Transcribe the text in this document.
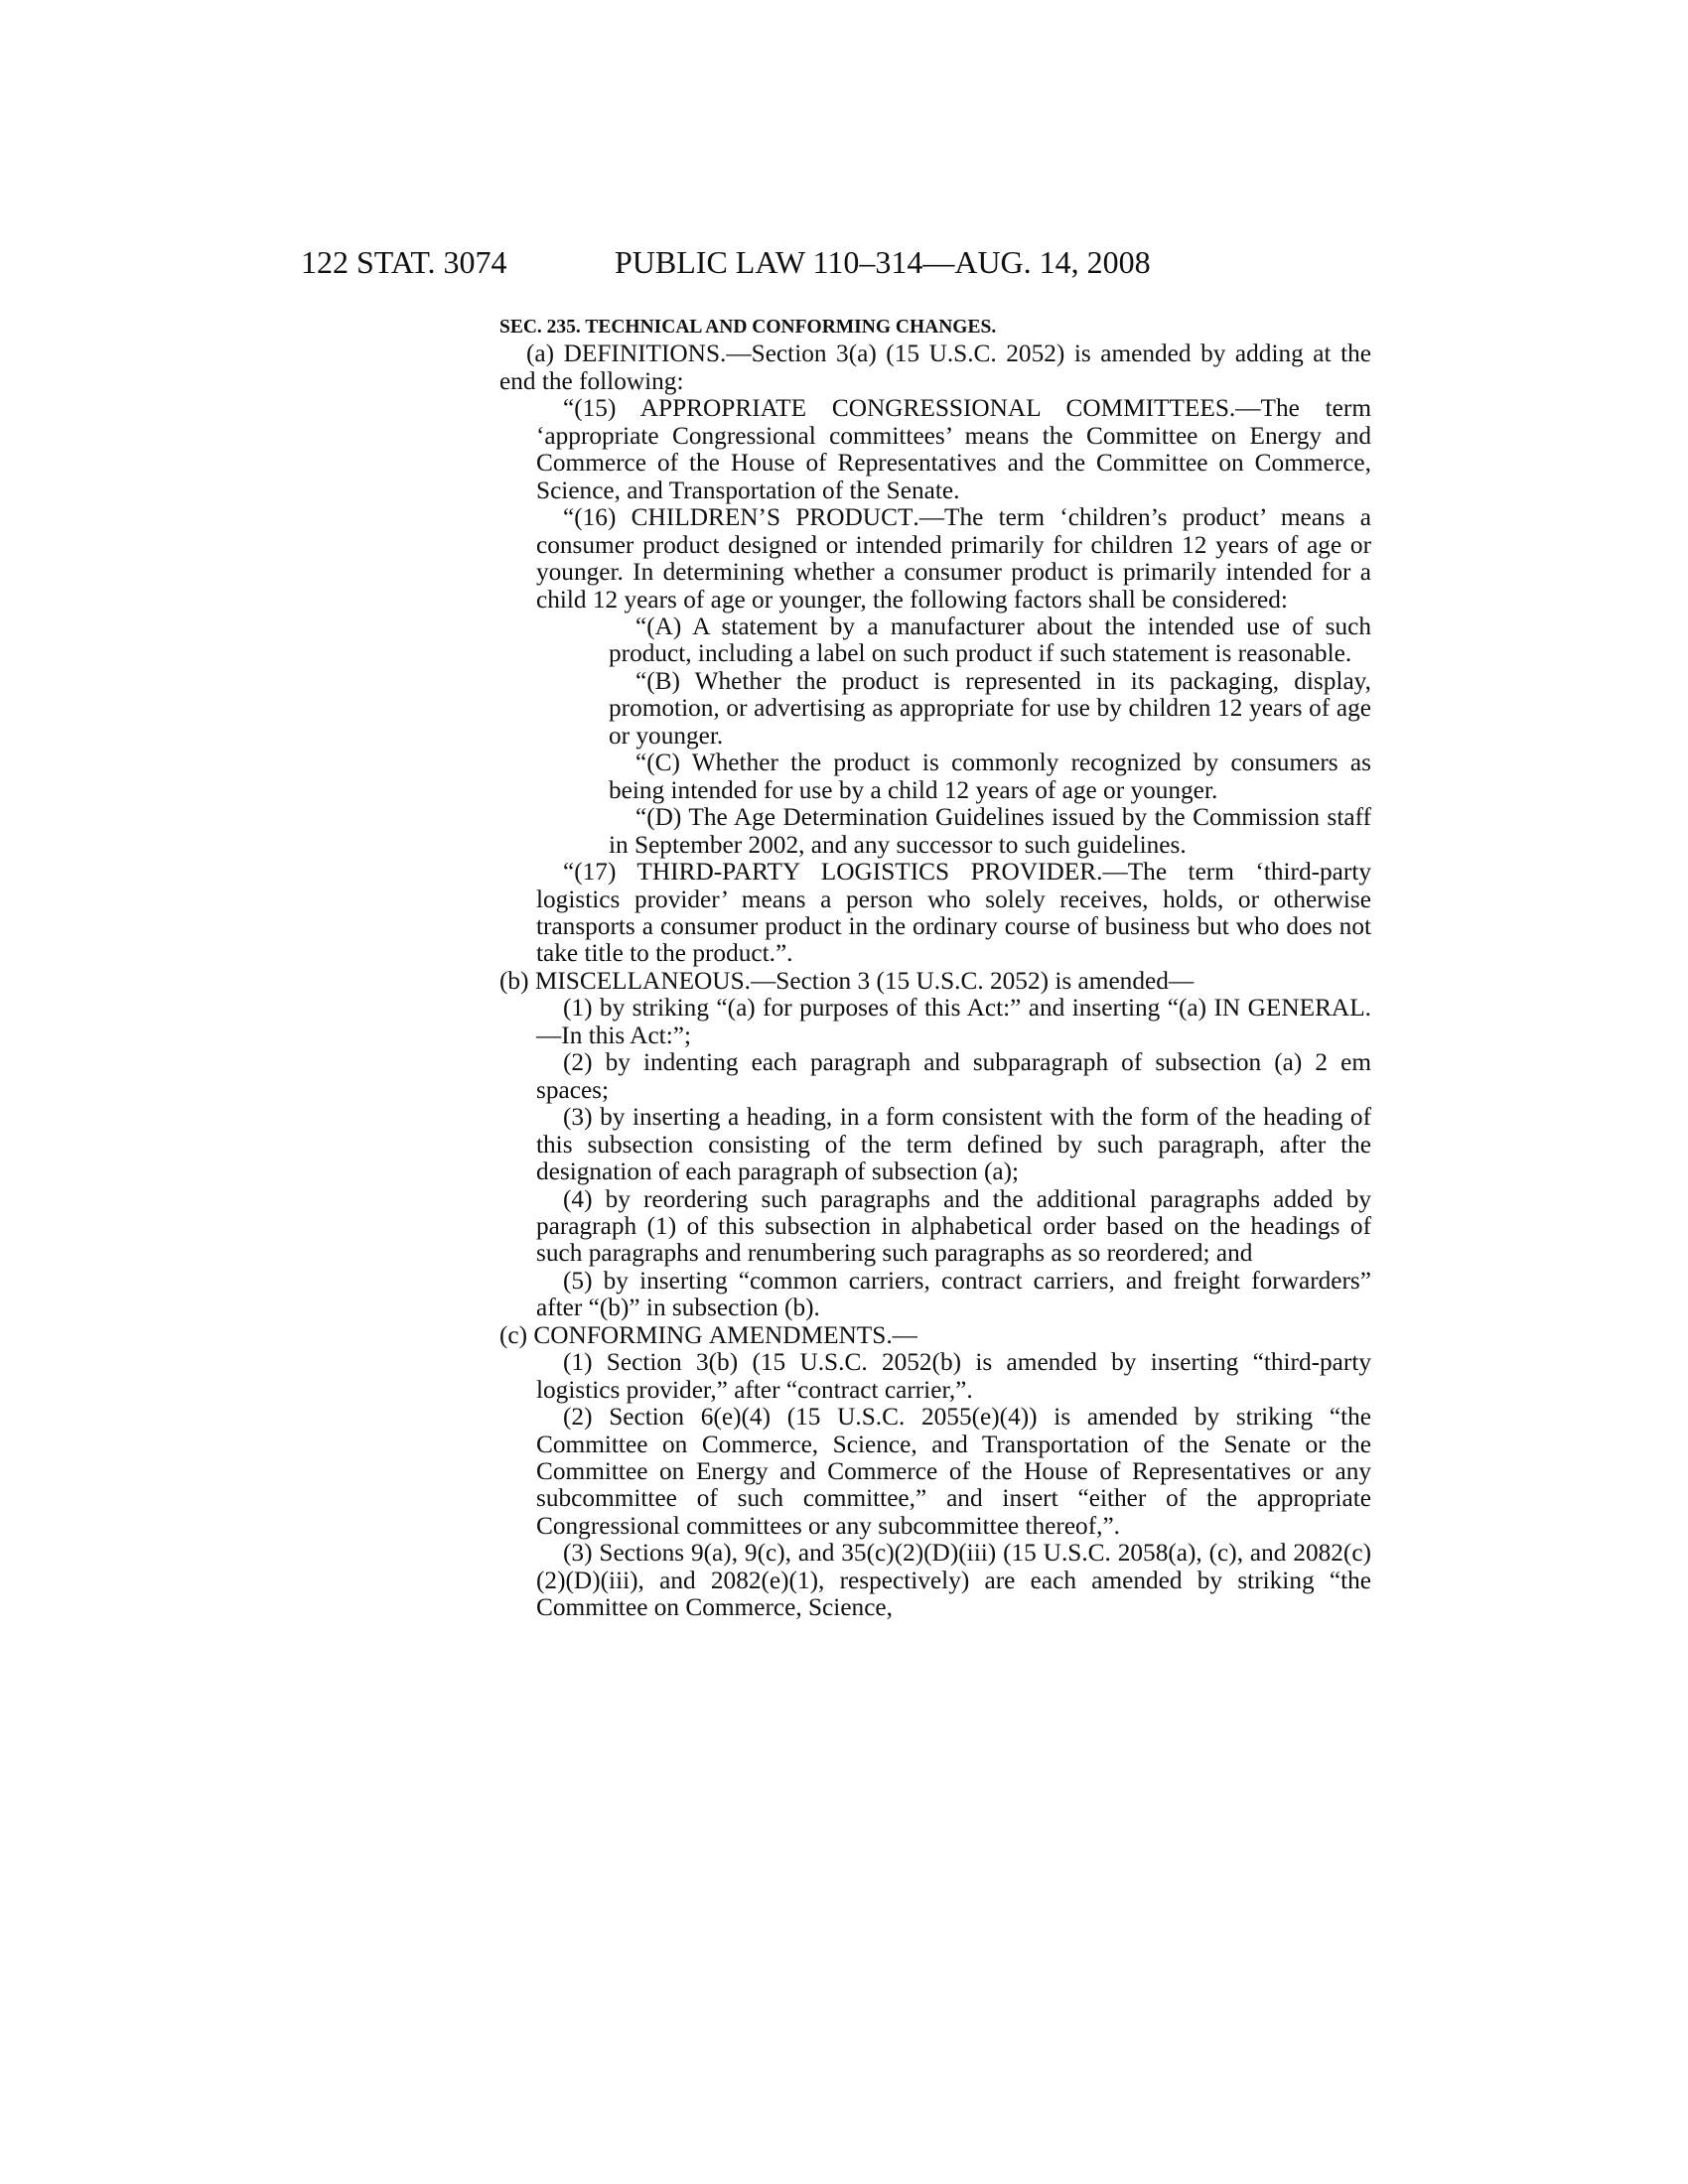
122 STAT. 3074	PUBLIC LAW 110–314—AUG. 14, 2008
SEC. 235. TECHNICAL AND CONFORMING CHANGES.
(a) DEFINITIONS.—Section 3(a) (15 U.S.C. 2052) is amended by adding at the end the following:
“(15) APPROPRIATE CONGRESSIONAL COMMITTEES.—The term ‘appropriate Congressional committees’ means the Committee on Energy and Commerce of the House of Representatives and the Committee on Commerce, Science, and Transportation of the Senate.
“(16) CHILDREN’S PRODUCT.—The term ‘children’s product’ means a consumer product designed or intended primarily for children 12 years of age or younger. In determining whether a consumer product is primarily intended for a child 12 years of age or younger, the following factors shall be considered:
“(A) A statement by a manufacturer about the intended use of such product, including a label on such product if such statement is reasonable.
“(B) Whether the product is represented in its packaging, display, promotion, or advertising as appropriate for use by children 12 years of age or younger.
“(C) Whether the product is commonly recognized by consumers as being intended for use by a child 12 years of age or younger.
“(D) The Age Determination Guidelines issued by the Commission staff in September 2002, and any successor to such guidelines.
“(17) THIRD-PARTY LOGISTICS PROVIDER.—The term ‘third-party logistics provider’ means a person who solely receives, holds, or otherwise transports a consumer product in the ordinary course of business but who does not take title to the product.”.
(b) MISCELLANEOUS.—Section 3 (15 U.S.C. 2052) is amended—
(1) by striking “(a) for purposes of this Act:” and inserting “(a) IN GENERAL.—In this Act:”;
(2) by indenting each paragraph and subparagraph of subsection (a) 2 em spaces;
(3) by inserting a heading, in a form consistent with the form of the heading of this subsection consisting of the term defined by such paragraph, after the designation of each paragraph of subsection (a);
(4) by reordering such paragraphs and the additional paragraphs added by paragraph (1) of this subsection in alphabetical order based on the headings of such paragraphs and renumbering such paragraphs as so reordered; and
(5) by inserting “common carriers, contract carriers, and freight forwarders” after “(b)” in subsection (b).
(c) CONFORMING AMENDMENTS.—
(1) Section 3(b) (15 U.S.C. 2052(b) is amended by inserting “third-party logistics provider,” after “contract carrier,”.
(2) Section 6(e)(4) (15 U.S.C. 2055(e)(4)) is amended by striking “the Committee on Commerce, Science, and Transportation of the Senate or the Committee on Energy and Commerce of the House of Representatives or any subcommittee of such committee,” and insert “either of the appropriate Congressional committees or any subcommittee thereof,”.
(3) Sections 9(a), 9(c), and 35(c)(2)(D)(iii) (15 U.S.C. 2058(a), (c), and 2082(c)(2)(D)(iii), and 2082(e)(1), respectively) are each amended by striking “the Committee on Commerce, Science,
